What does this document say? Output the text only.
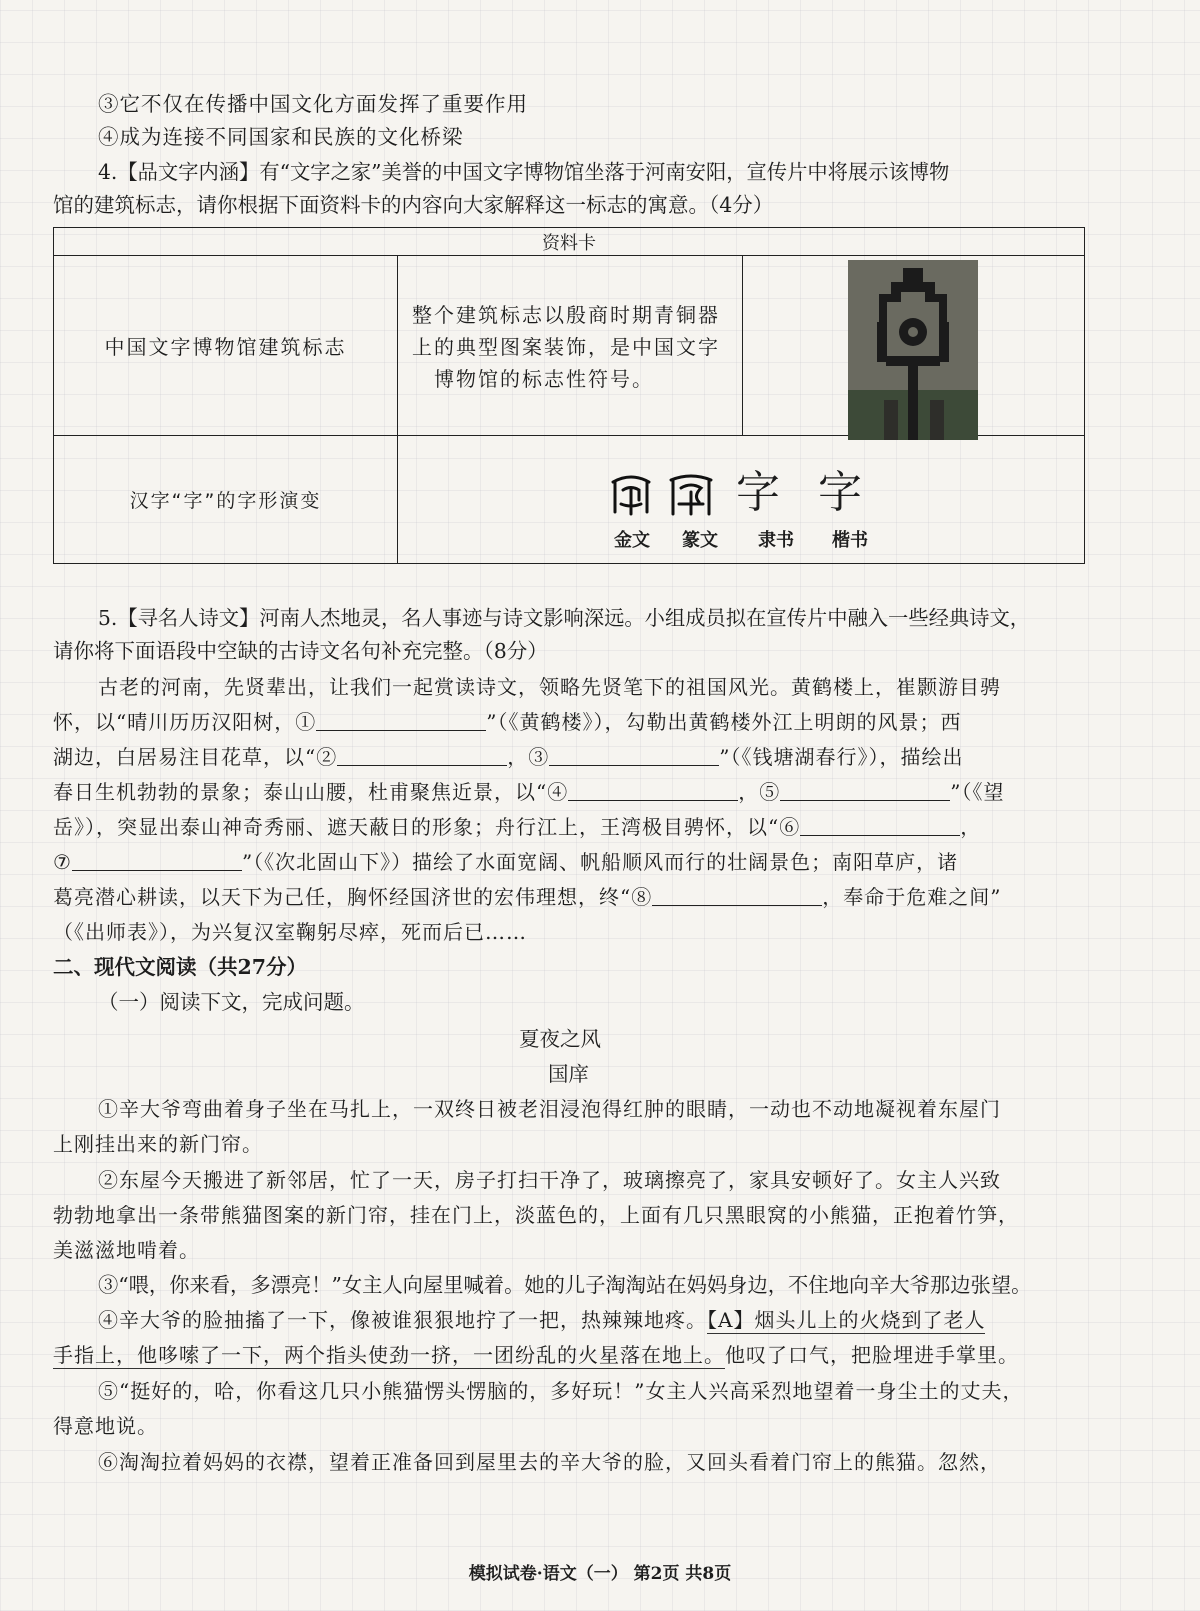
③它不仅在传播中国文化方面发挥了重要作用
④成为连接不同国家和民族的文化桥梁
4.【品文字内涵】有“文字之家”美誉的中国文字博物馆坐落于河南安阳，宣传片中将展示该博物
馆的建筑标志，请你根据下面资料卡的内容向大家解释这一标志的寓意。（4分）
资料卡		
中国文字博物馆建筑标志	整个建筑标志以殷商时期青铜器
上的典型图案装饰，是中国文字
博物馆的标志性符号。	

汉字“字”的字形演变			字 字
金文 篆文 隶书 楷书
5.【寻名人诗文】河南人杰地灵，名人事迹与诗文影响深远。小组成员拟在宣传片中融入一些经典诗文，
请你将下面语段中空缺的古诗文名句补充完整。（8分）
古老的河南，先贤辈出，让我们一起赏读诗文，领略先贤笔下的祖国风光。黄鹤楼上，崔颢游目骋
怀，以“晴川历历汉阳树，①	”（《黄鹤楼》），勾勒出黄鹤楼外江上明朗的风景；西
湖边，白居易注目花草，以“②	，③	”（《钱塘湖春行》），描绘出
春日生机勃勃的景象；泰山山腰，杜甫聚焦近景，以“④	，⑤	”（《望
岳》），突显出泰山神奇秀丽、遮天蔽日的形象；舟行江上，王湾极目骋怀，以“⑥	，
⑦	”（《次北固山下》）描绘了水面宽阔、帆船顺风而行的壮阔景色；南阳草庐，诸
葛亮潜心耕读，以天下为己任，胸怀经国济世的宏伟理想，终“⑧	，奉命于危难之间”
（《出师表》），为兴复汉室鞠躬尽瘁，死而后已……
二、现代文阅读（共27分）
（一）阅读下文，完成问题。
夏夜之风
国庠
①辛大爷弯曲着身子坐在马扎上，一双终日被老泪浸泡得红肿的眼睛，一动也不动地凝视着东屋门
上刚挂出来的新门帘。
②东屋今天搬进了新邻居，忙了一天，房子打扫干净了，玻璃擦亮了，家具安顿好了。女主人兴致
勃勃地拿出一条带熊猫图案的新门帘，挂在门上，淡蓝色的，上面有几只黑眼窝的小熊猫，正抱着竹笋，
美滋滋地啃着。
③“喂，你来看，多漂亮！”女主人向屋里喊着。她的儿子淘淘站在妈妈身边，不住地向辛大爷那边张望。
④辛大爷的脸抽搐了一下，像被谁狠狠地拧了一把，热辣辣地疼。【A】烟头儿上的火烧到了老人
手指上，他哆嗦了一下，两个指头使劲一挤，一团纷乱的火星落在地上。他叹了口气，把脸埋进手掌里。
⑤“挺好的，哈，你看这几只小熊猫愣头愣脑的，多好玩！”女主人兴高采烈地望着一身尘土的丈夫，
得意地说。
⑥淘淘拉着妈妈的衣襟，望着正准备回到屋里去的辛大爷的脸，又回头看着门帘上的熊猫。忽然，
模拟试卷·语文（一） 第2页 共8页
